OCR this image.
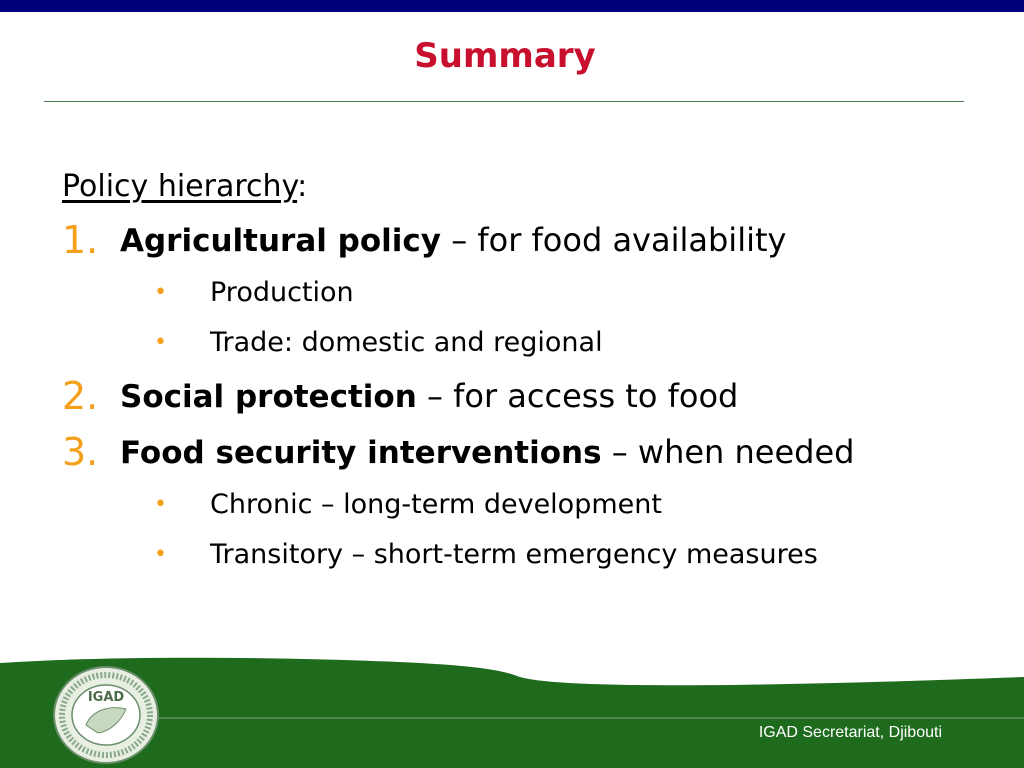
Summary
Policy hierarchy:
1. Agricultural policy – for food availability
• Production
• Trade: domestic and regional
2. Social protection – for access to food
3. Food security interventions – when needed
• Chronic – long-term development
• Transitory – short-term emergency measures
IGAD
IGAD Secretariat, Djibouti
